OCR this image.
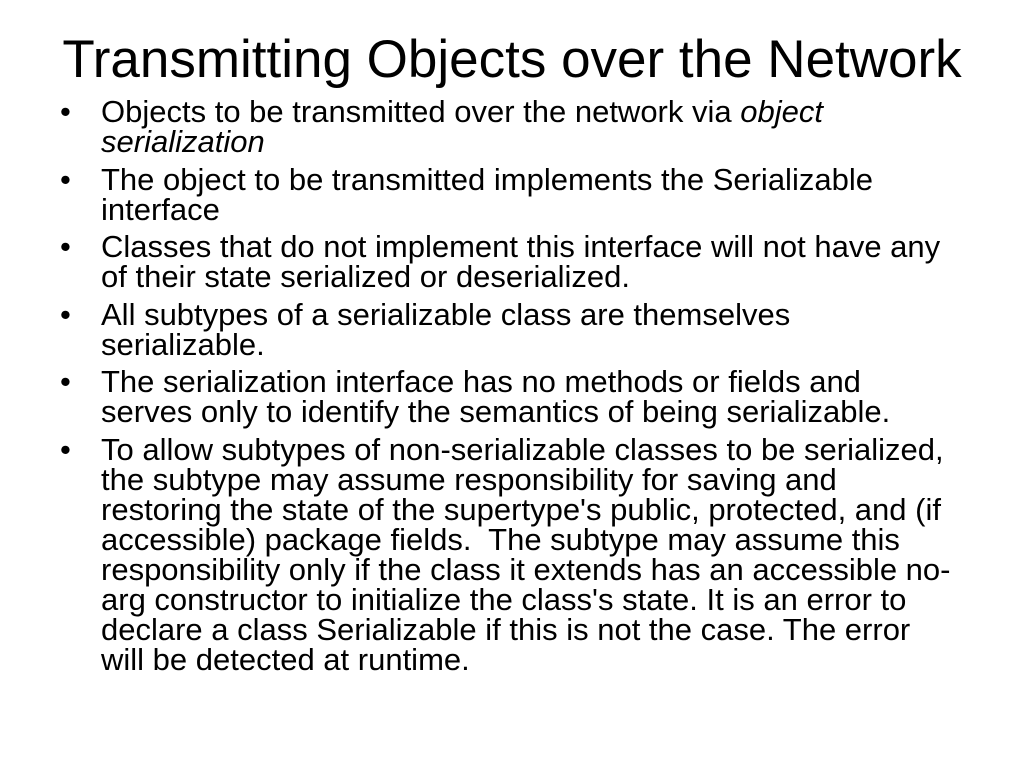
Transmitting Objects over the Network
• Objects to be transmitted over the network via object
serialization
• The object to be transmitted implements the Serializable
interface
• Classes that do not implement this interface will not have any
of their state serialized or deserialized.
• All subtypes of a serializable class are themselves
serializable.
• The serialization interface has no methods or fields and
serves only to identify the semantics of being serializable.
• To allow subtypes of non-serializable classes to be serialized,
the subtype may assume responsibility for saving and
restoring the state of the supertype's public, protected, and (if
accessible) package fields.  The subtype may assume this
responsibility only if the class it extends has an accessible no-
arg constructor to initialize the class's state. It is an error to
declare a class Serializable if this is not the case. The error
will be detected at runtime.
